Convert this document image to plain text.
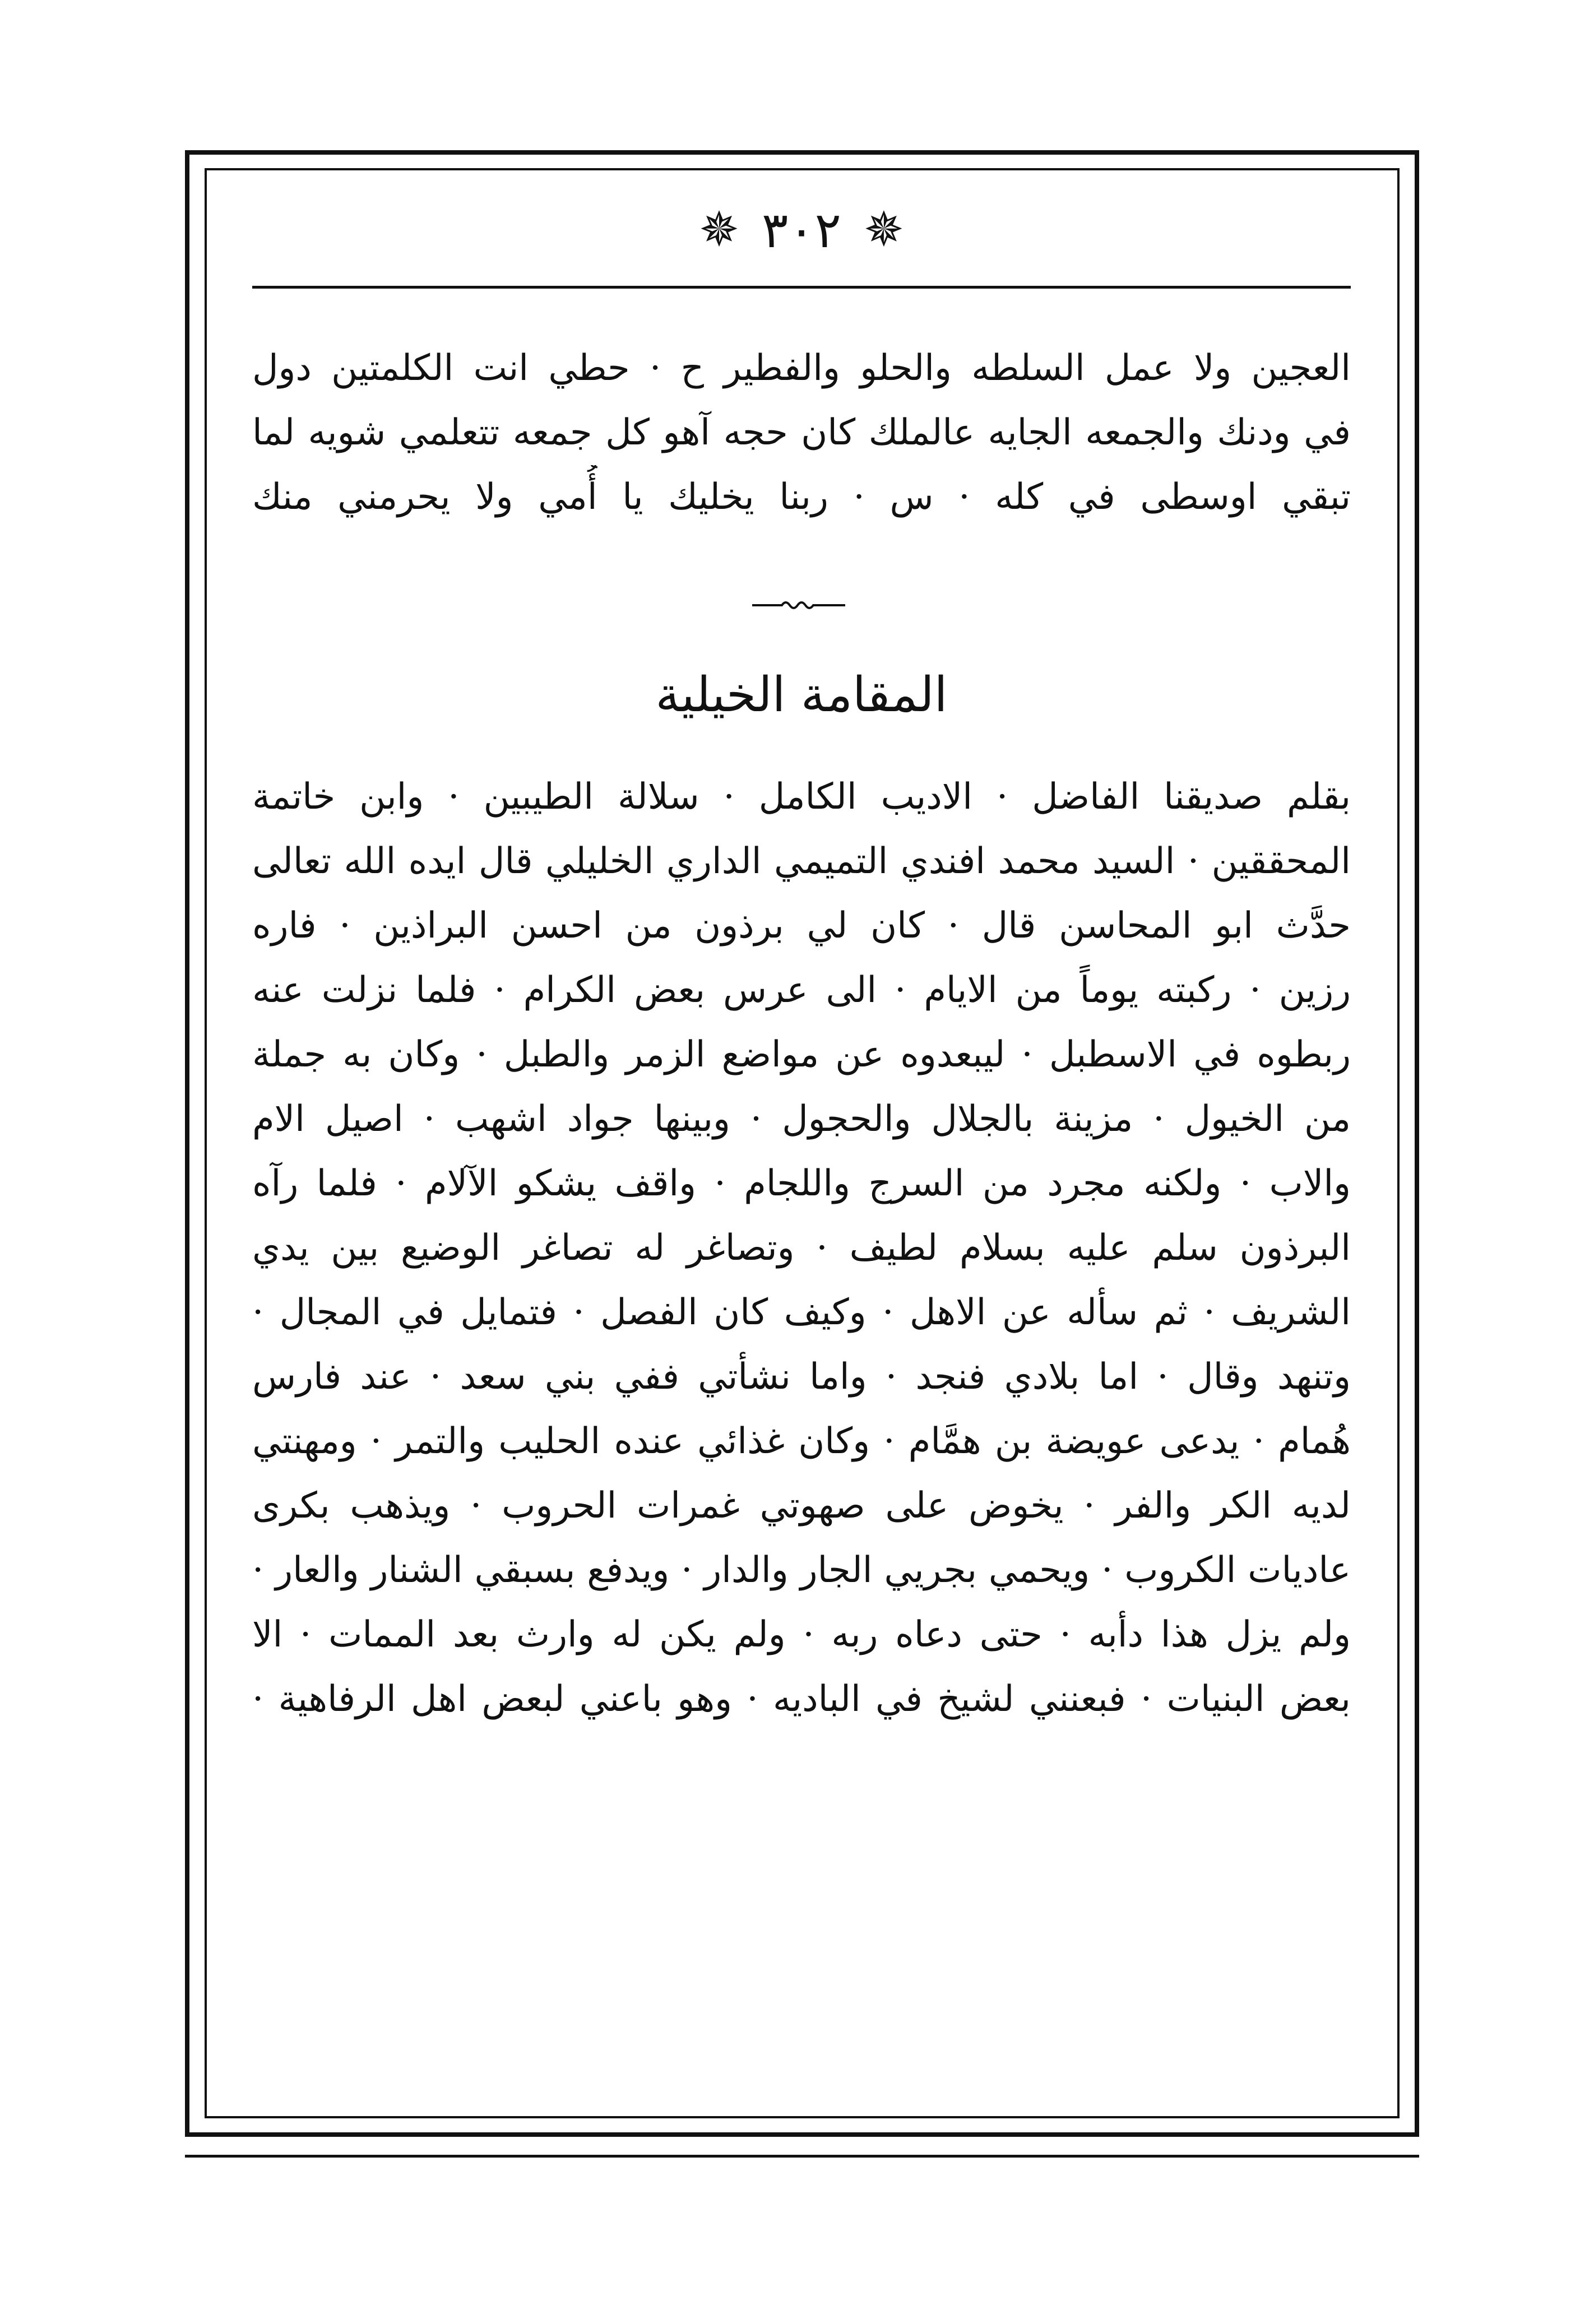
✵ ٣٠٢ ✵
العجين ولا عمل السلطه والحلو والفطير ح · حطي انت الكلمتين دول
في ودنك والجمعه الجايه عالملك كان حجه آهو كل جمعه تتعلمي شويه لما
تبقي اوسطى في كله · س · ربنا يخليك يا أُمي ولا يحرمني منك
المقامة الخيلية
بقلم صديقنا الفاضل · الاديب الكامل · سلالة الطيبين · وابن خاتمة
المحققين · السيد محمد افندي التميمي الداري الخليلي قال ايده الله تعالى
حدَّث ابو المحاسن قال · كان لي برذون من احسن البراذين · فاره
رزين · ركبته يوماً من الايام · الى عرس بعض الكرام · فلما نزلت عنه
ربطوه في الاسطبل · ليبعدوه عن مواضع الزمر والطبل · وكان به جملة
من الخيول · مزينة بالجلال والحجول · وبينها جواد اشهب · اصيل الام
والاب · ولكنه مجرد من السرج واللجام · واقف يشكو الآلام · فلما رآه
البرذون سلم عليه بسلام لطيف · وتصاغر له تصاغر الوضيع بين يدي
الشريف · ثم سأله عن الاهل · وكيف كان الفصل · فتمايل في المجال ·
وتنهد وقال · اما بلادي فنجد · واما نشأتي ففي بني سعد · عند فارس
هُمام · يدعى عويضة بن همَّام · وكان غذائي عنده الحليب والتمر · ومهنتي
لديه الكر والفر · يخوض على صهوتي غمرات الحروب · ويذهب بكرى
عاديات الكروب · ويحمي بجريي الجار والدار · ويدفع بسبقي الشنار والعار ·
ولم يزل هذا دأبه · حتى دعاه ربه · ولم يكن له وارث بعد الممات · الا
بعض البنيات · فبعنني لشيخ في الباديه · وهو باعني لبعض اهل الرفاهية ·
